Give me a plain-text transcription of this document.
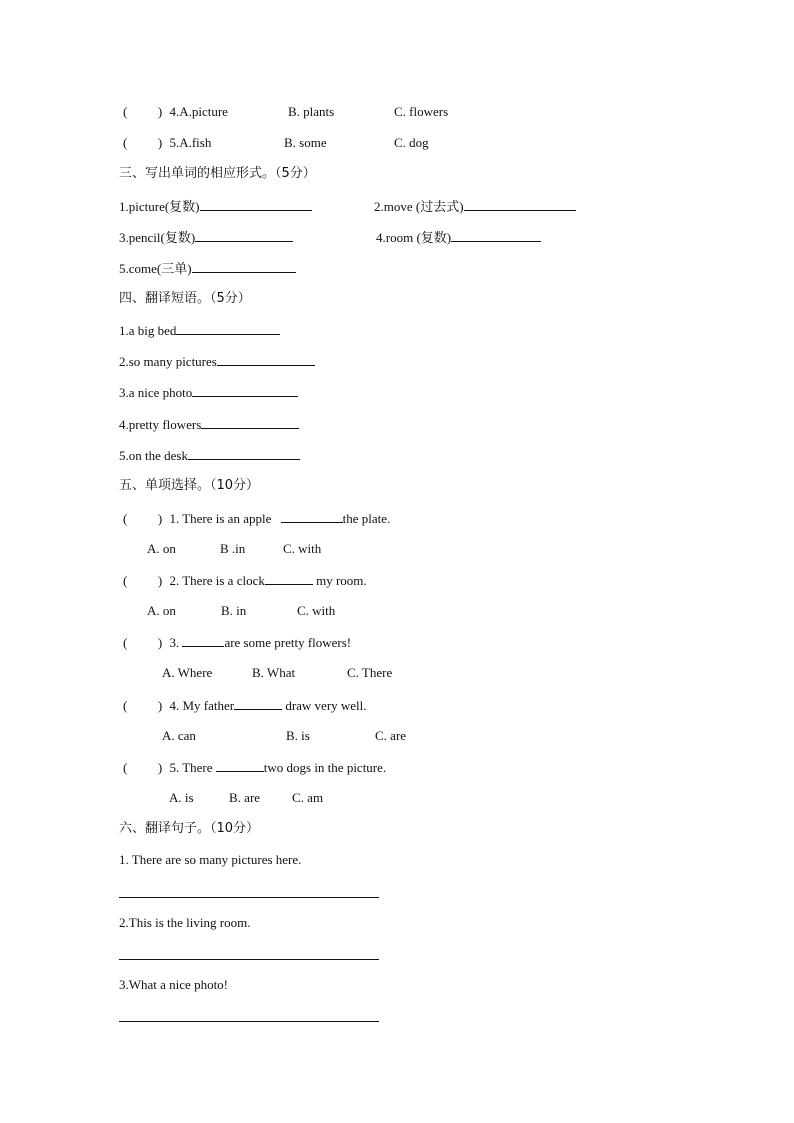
( ) 4.A.picture	B. plants	C. flowers
( ) 5.A.fish	B. some	C. dog
三、写出单词的相应形式。（5分）
1.picture(复数)	2.move (过去式)
3.pencil(复数)	4.room (复数)
5.come(三单)
四、翻译短语。（5分）
1.a big bed
2.so many pictures
3.a nice photo
4.pretty flowers
5.on the desk
五、单项选择。（10分）
( ) 1. There is an apple	the plate.
A. on	B .in	C. with
( ) 2. There is a clock	my room.
A. on	B. in	C. with
( ) 3.	are some pretty flowers!
A. Where	B. What	C. There
( ) 4. My father	draw very well.
A. can	B. is	C. are
( ) 5. There	two dogs in the picture.
A. is	B. are C. am
六、翻译句子。（10分）
1. There are so many pictures here.
2.This is the living room.
3.What a nice photo!
